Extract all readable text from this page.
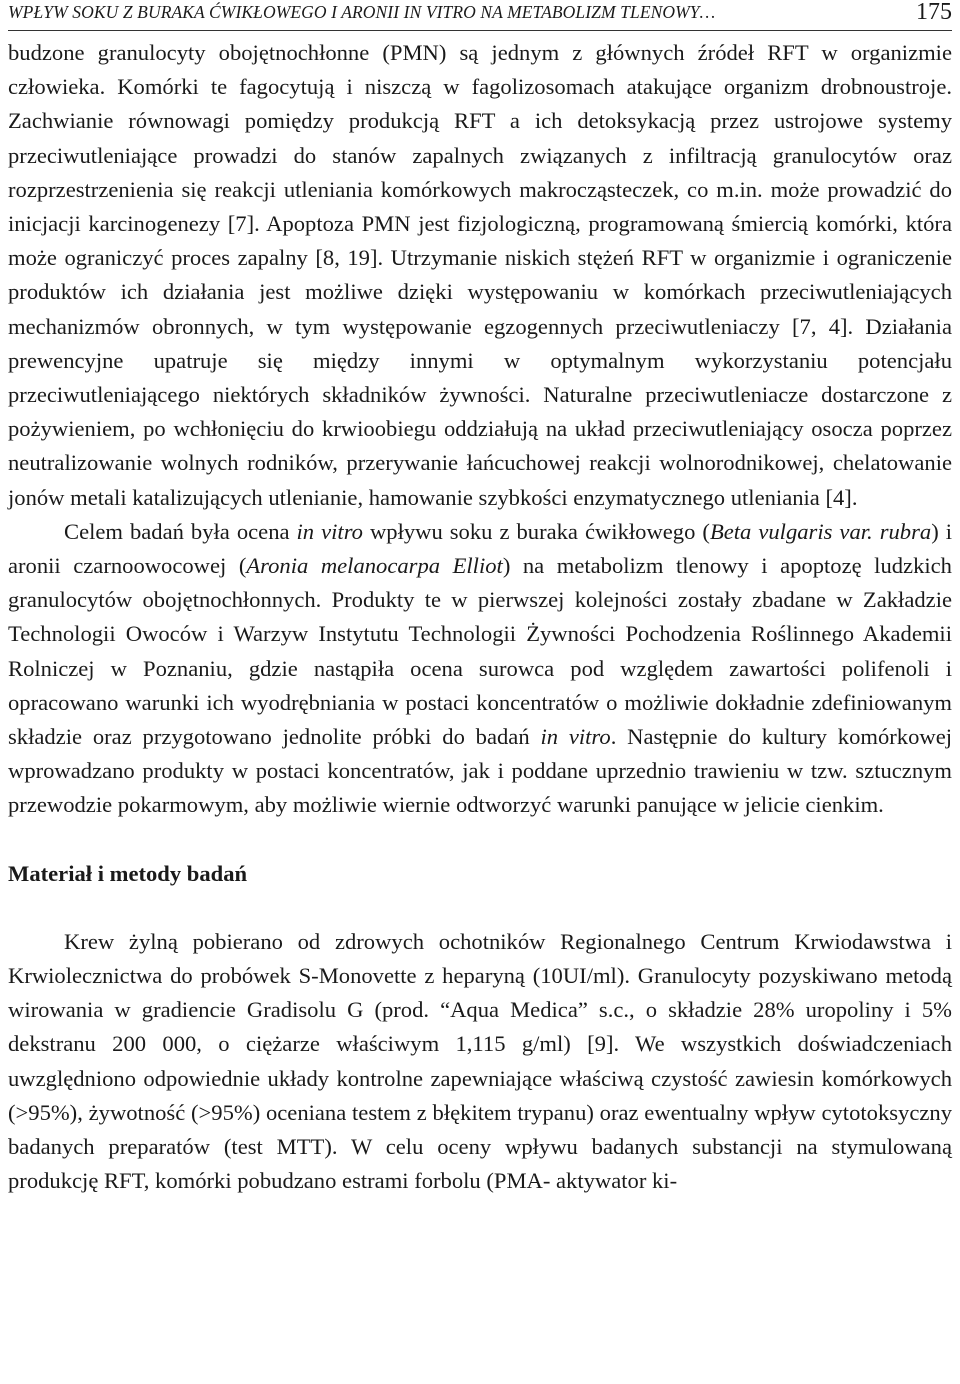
WPŁYW SOKU Z BURAKA ĆWIKŁOWEGO I ARONII IN VITRO NA METABOLIZM TLENOWY…	175

budzone granulocyty obojętnochłonne (PMN) są jednym z głównych źródeł RFT w organizmie człowieka. Komórki te fagocytują i niszczą w fagolizosomach atakujące organizm drobnoustroje. Zachwianie równowagi pomiędzy produkcją RFT a ich detoksykacją przez ustrojowe systemy przeciwutleniające prowadzi do stanów zapalnych związanych z infiltracją granulocytów oraz rozprzestrzenienia się reakcji utleniania komórkowych makrocząsteczek, co m.in. może prowadzić do inicjacji karcinogenezy [7]. Apoptoza PMN jest fizjologiczną, programowaną śmiercią komórki, która może ograniczyć proces zapalny [8, 19]. Utrzymanie niskich stężeń RFT w organizmie i ograniczenie produktów ich działania jest możliwe dzięki występowaniu w komórkach przeciwutleniających mechanizmów obronnych, w tym występowanie egzogennych przeciwutleniaczy [7, 4]. Działania prewencyjne upatruje się między innymi w optymalnym wykorzystaniu potencjału przeciwutleniającego niektórych składników żywności. Naturalne przeciwutleniacze dostarczone z pożywieniem, po wchłonięciu do krwioobiegu oddziałują na układ przeciwutleniający osocza poprzez neutralizowanie wolnych rodników, przerywanie łańcuchowej reakcji wolnorodnikowej, chelatowanie jonów metali katalizujących utlenianie, hamowanie szybkości enzymatycznego utleniania [4].

Celem badań była ocena in vitro wpływu soku z buraka ćwikłowego (Beta vulgaris var. rubra) i aronii czarnoowocowej (Aronia melanocarpa Elliot) na metabolizm tlenowy i apoptozę ludzkich granulocytów obojętnochłonnych. Produkty te w pierwszej kolejności zostały zbadane w Zakładzie Technologii Owoców i Warzyw Instytutu Technologii Żywności Pochodzenia Roślinnego Akademii Rolniczej w Poznaniu, gdzie nastąpiła ocena surowca pod względem zawartości polifenoli i opracowano warunki ich wyodrębniania w postaci koncentratów o możliwie dokładnie zdefiniowanym składzie oraz przygotowano jednolite próbki do badań in vitro. Następnie do kultury komórkowej wprowadzano produkty w postaci koncentratów, jak i poddane uprzednio trawieniu w tzw. sztucznym przewodzie pokarmowym, aby możliwie wiernie odtworzyć warunki panujące w jelicie cienkim.

Materiał i metody badań

Krew żylną pobierano od zdrowych ochotników Regionalnego Centrum Krwiodawstwa i Krwiolecznictwa do probówek S-Monovette z heparyną (10UI/ml). Granulocyty pozyskiwano metodą wirowania w gradiencie Gradisolu G (prod. “Aqua Medica” s.c., o składzie 28% uropoliny i 5% dekstranu 200 000, o ciężarze właściwym 1,115 g/ml) [9]. We wszystkich doświadczeniach uwzględniono odpowiednie układy kontrolne zapewniające właściwą czystość zawiesin komórkowych (>95%), żywotność (>95%) oceniana testem z błękitem trypanu) oraz ewentualny wpływ cytotoksyczny badanych preparatów (test MTT). W celu oceny wpływu badanych substancji na stymulowaną produkcję RFT, komórki pobudzano estrami forbolu (PMA- aktywator ki-
